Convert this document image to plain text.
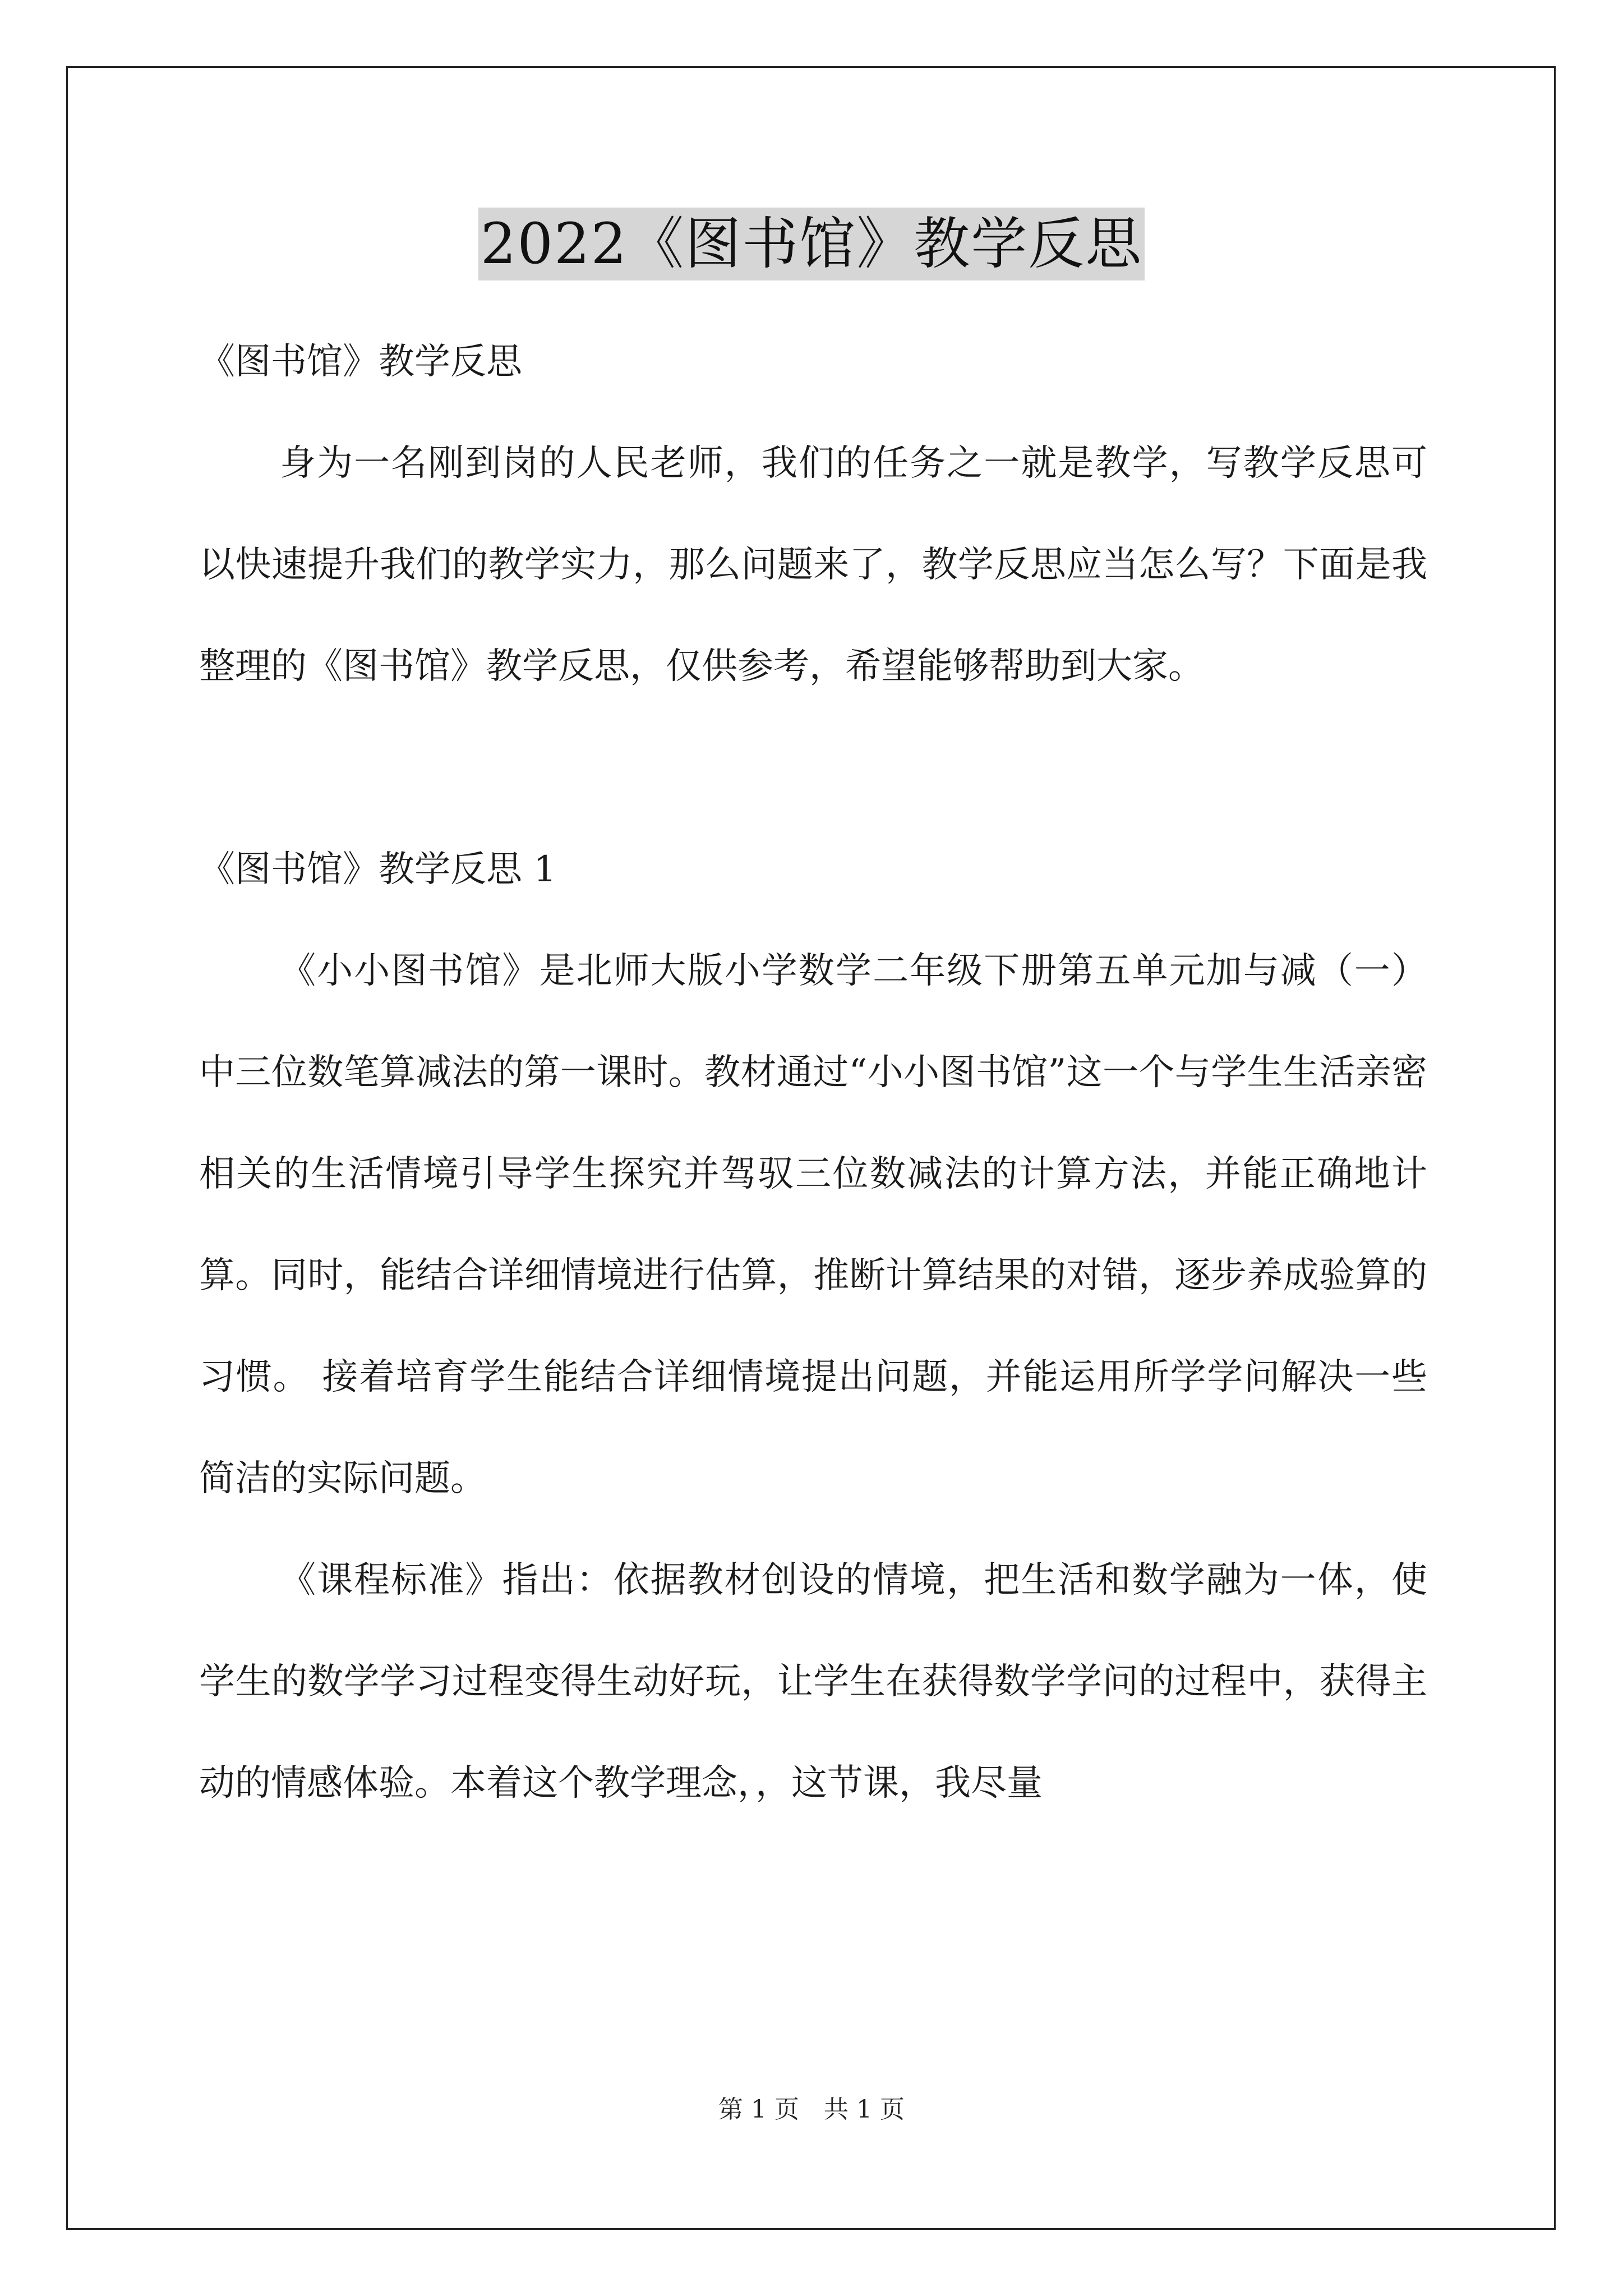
2022《图书馆》教学反思

《图书馆》教学反思

身为一名刚到岗的人民老师，我们的任务之一就是教学，写教学反思可以快速提升我们的教学实力，那么问题来了，教学反思应当怎么写？下面是我整理的《图书馆》教学反思，仅供参考，希望能够帮助到大家。

《图书馆》教学反思 1

《小小图书馆》是北师大版小学数学二年级下册第五单元加与减（一）中三位数笔算减法的第一课时。教材通过“小小图书馆”这一个与学生生活亲密相关的生活情境引导学生探究并驾驭三位数减法的计算方法，并能正确地计算。同时，能结合详细情境进行估算，推断计算结果的对错，逐步养成验算的习惯。 接着培育学生能结合详细情境提出问题，并能运用所学学问解决一些简洁的实际问题。

《课程标准》指出：依据教材创设的情境，把生活和数学融为一体，使学生的数学学习过程变得生动好玩，让学生在获得数学学问的过程中，获得主动的情感体验。本着这个教学理念，，这节课，我尽量

第 1 页 共 1 页
